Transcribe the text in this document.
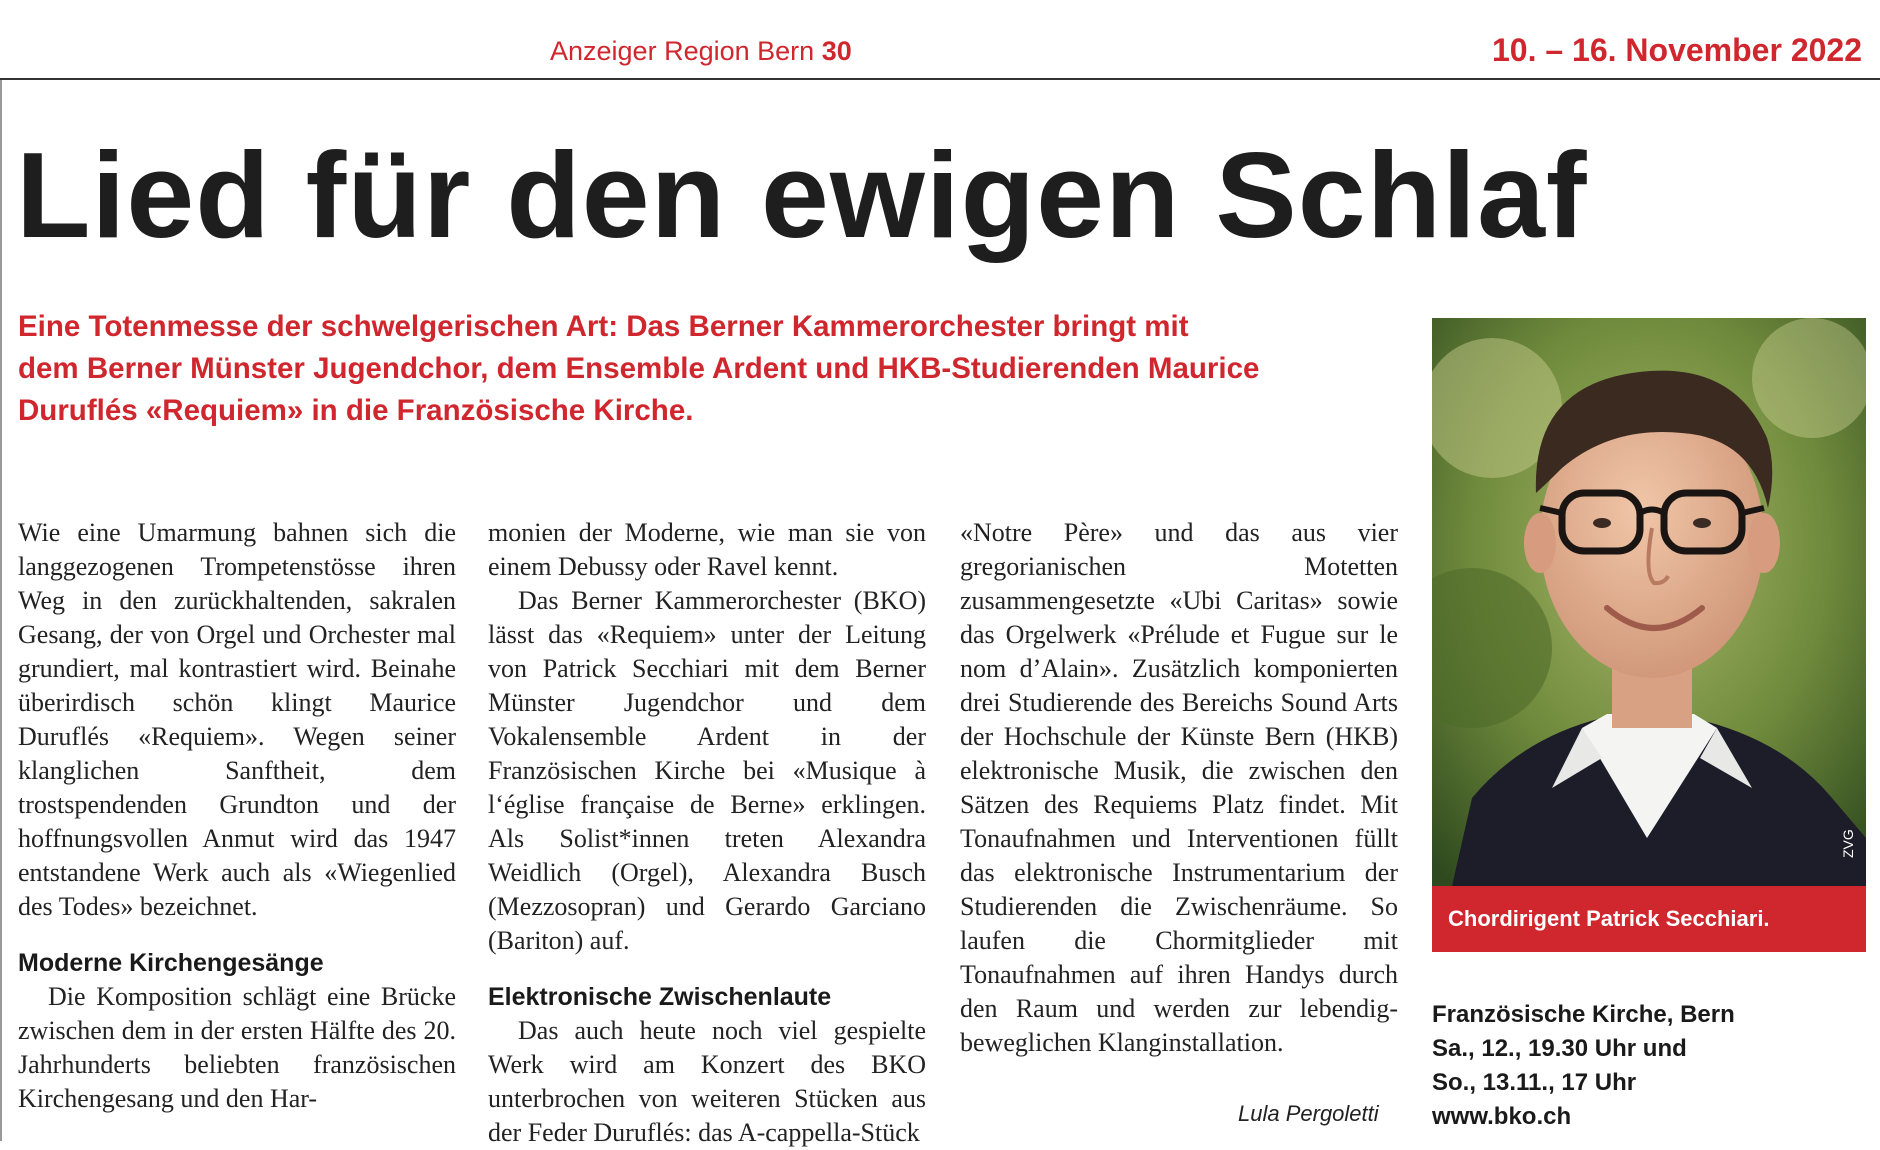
Anzeiger Region Bern 30	10. – 16. November 2022
Lied für den ewigen Schlaf
Eine Totenmesse der schwelgerischen Art: Das Berner Kammerorchester bringt mit
dem Berner Münster Jugendchor, dem Ensemble Ardent und HKB-Studierenden Maurice
Duruflés «Requiem» in die Französische Kirche.

Wie eine Umarmung bahnen sich die langgezogenen Trompetenstösse ihren Weg in den zurückhaltenden, sakralen Gesang, der von Orgel und Orchester mal grundiert, mal kontrastiert wird. Beinahe überirdisch schön klingt Maurice Duruflés «Requiem». Wegen seiner klanglichen Sanftheit, dem trostspendenden Grundton und der hoffnungsvollen Anmut wird das 1947 entstandene Werk auch als «Wiegenlied des Todes» bezeichnet.

Moderne Kirchengesänge

Die Komposition schlägt eine Brücke zwischen dem in der ersten Hälfte des 20. Jahrhunderts beliebten französischen Kirchengesang und den Har-

monien der Moderne, wie man sie von einem Debussy oder Ravel kennt.

Das Berner Kammerorchester (BKO) lässt das «Requiem» unter der Leitung von Patrick Secchiari mit dem Berner Münster Jugendchor und dem Vokalensemble Ardent in der Französischen Kirche bei «Musique à l‘église française de Berne» erklingen. Als Solist*innen treten Alexandra Weidlich (Orgel), Alexandra Busch (Mezzosopran) und Gerardo Garciano (Bariton) auf.

Elektronische Zwischenlaute

Das auch heute noch viel gespielte Werk wird am Konzert des BKO unterbrochen von weiteren Stücken aus der Feder Duruflés: das A-cappella-Stück

«Notre Père» und das aus vier gregorianischen Motetten zusammengesetzte «Ubi Caritas» sowie das Orgelwerk «Prélude et Fugue sur le nom d’Alain». Zusätzlich komponierten drei Studierende des Bereichs Sound Arts der Hochschule der Künste Bern (HKB) elektronische Musik, die zwischen den Sätzen des Requiems Platz findet. Mit Tonaufnahmen und Interventionen füllt das elektronische Instrumentarium der Studierenden die Zwischenräume. So laufen die Chormitglieder mit Tonaufnahmen auf ihren Handys durch den Raum und werden zur lebendig-beweglichen Klanginstallation.

Lula Pergoletti
ZVG
Chordirigent Patrick Secchiari.
Französische Kirche, Bern
Sa., 12., 19.30 Uhr und
So., 13.11., 17 Uhr
www.bko.ch
